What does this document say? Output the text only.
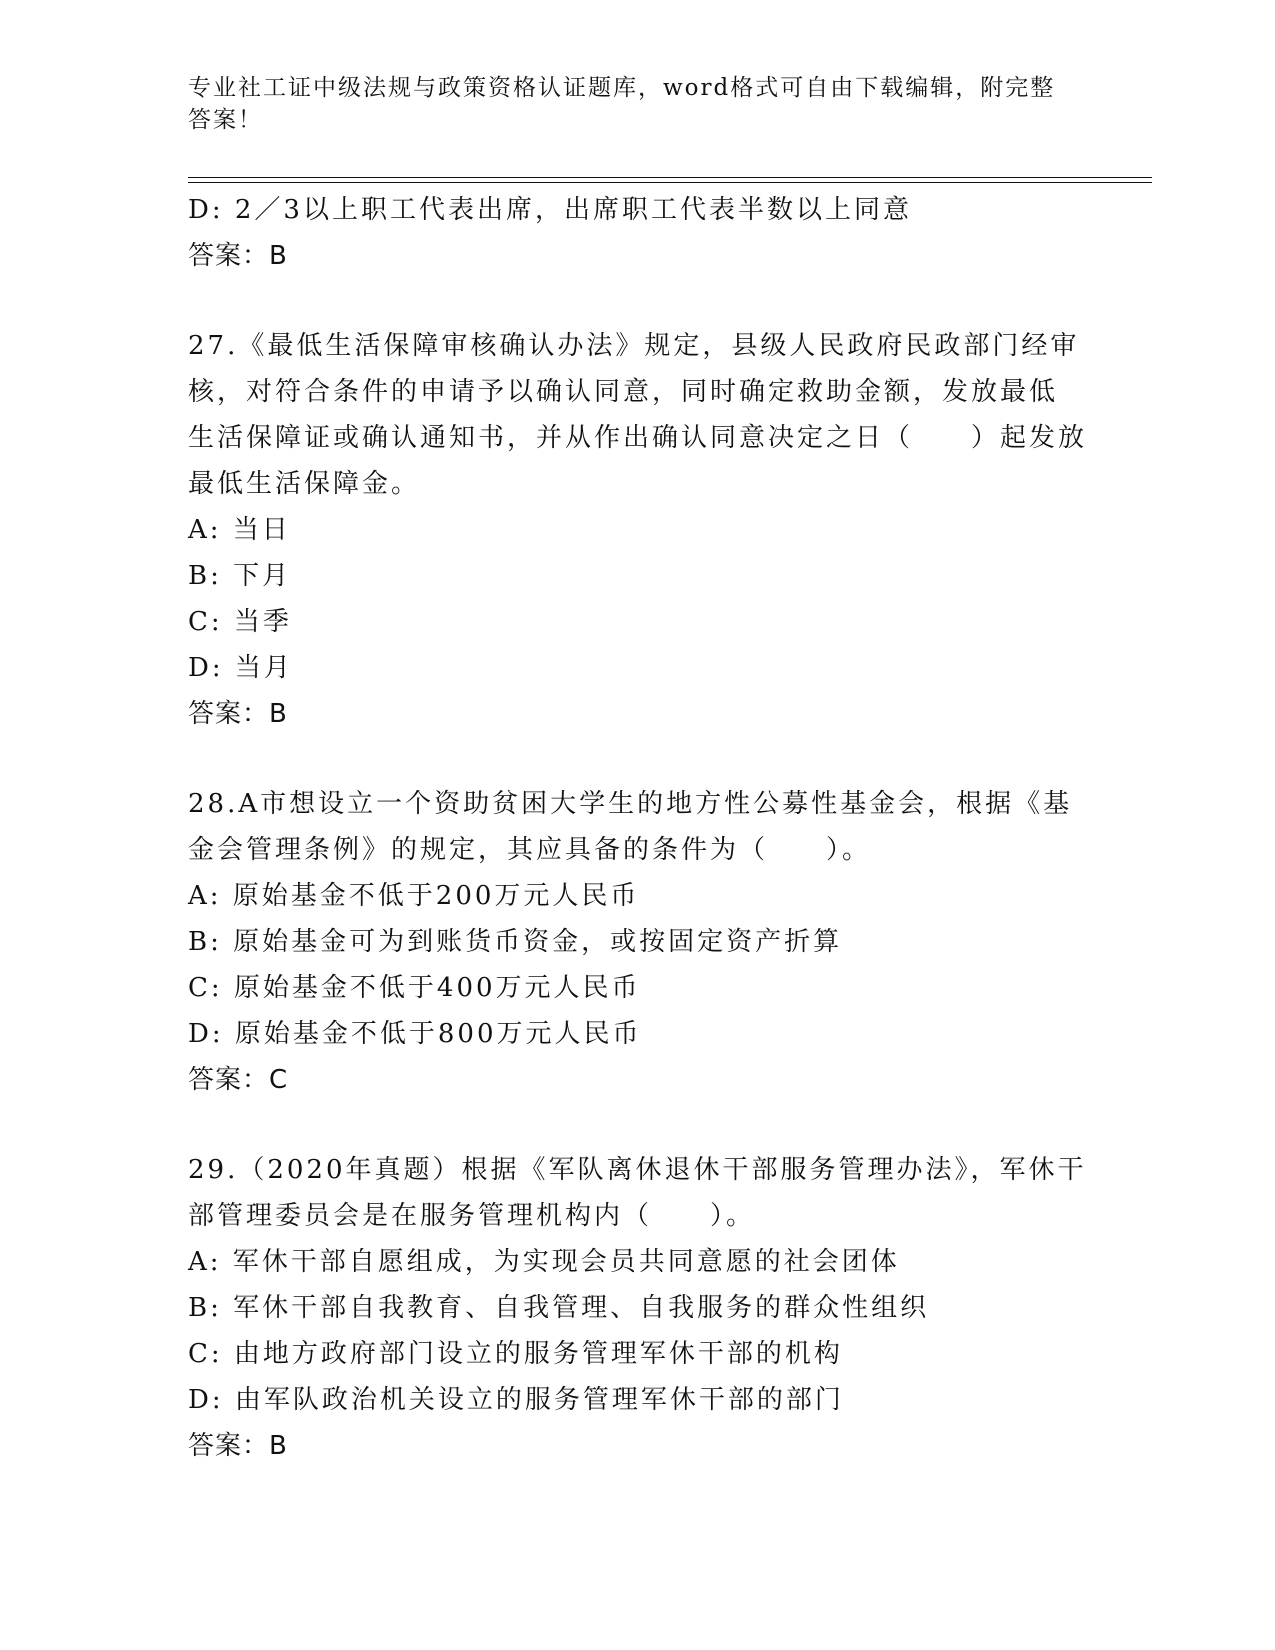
专业社工证中级法规与政策资格认证题库，word格式可自由下载编辑，附完整答案！
D: 2／3以上职工代表出席，出席职工代表半数以上同意
答案：B
27.《最低生活保障审核确认办法》规定，县级人民政府民政部门经审
核，对符合条件的申请予以确认同意，同时确定救助金额，发放最低
生活保障证或确认通知书，并从作出确认同意决定之日（　　）起发放
最低生活保障金。
A: 当日
B: 下月
C: 当季
D: 当月
答案：B
28.A市想设立一个资助贫困大学生的地方性公募性基金会，根据《基
金会管理条例》的规定，其应具备的条件为（　　）。
A: 原始基金不低于200万元人民币
B: 原始基金可为到账货币资金，或按固定资产折算
C: 原始基金不低于400万元人民币
D: 原始基金不低于800万元人民币
答案：C
29.（2020年真题）根据《军队离休退休干部服务管理办法》，军休干
部管理委员会是在服务管理机构内（　　）。
A: 军休干部自愿组成，为实现会员共同意愿的社会团体
B: 军休干部自我教育、自我管理、自我服务的群众性组织
C: 由地方政府部门设立的服务管理军休干部的机构
D: 由军队政治机关设立的服务管理军休干部的部门
答案：B
